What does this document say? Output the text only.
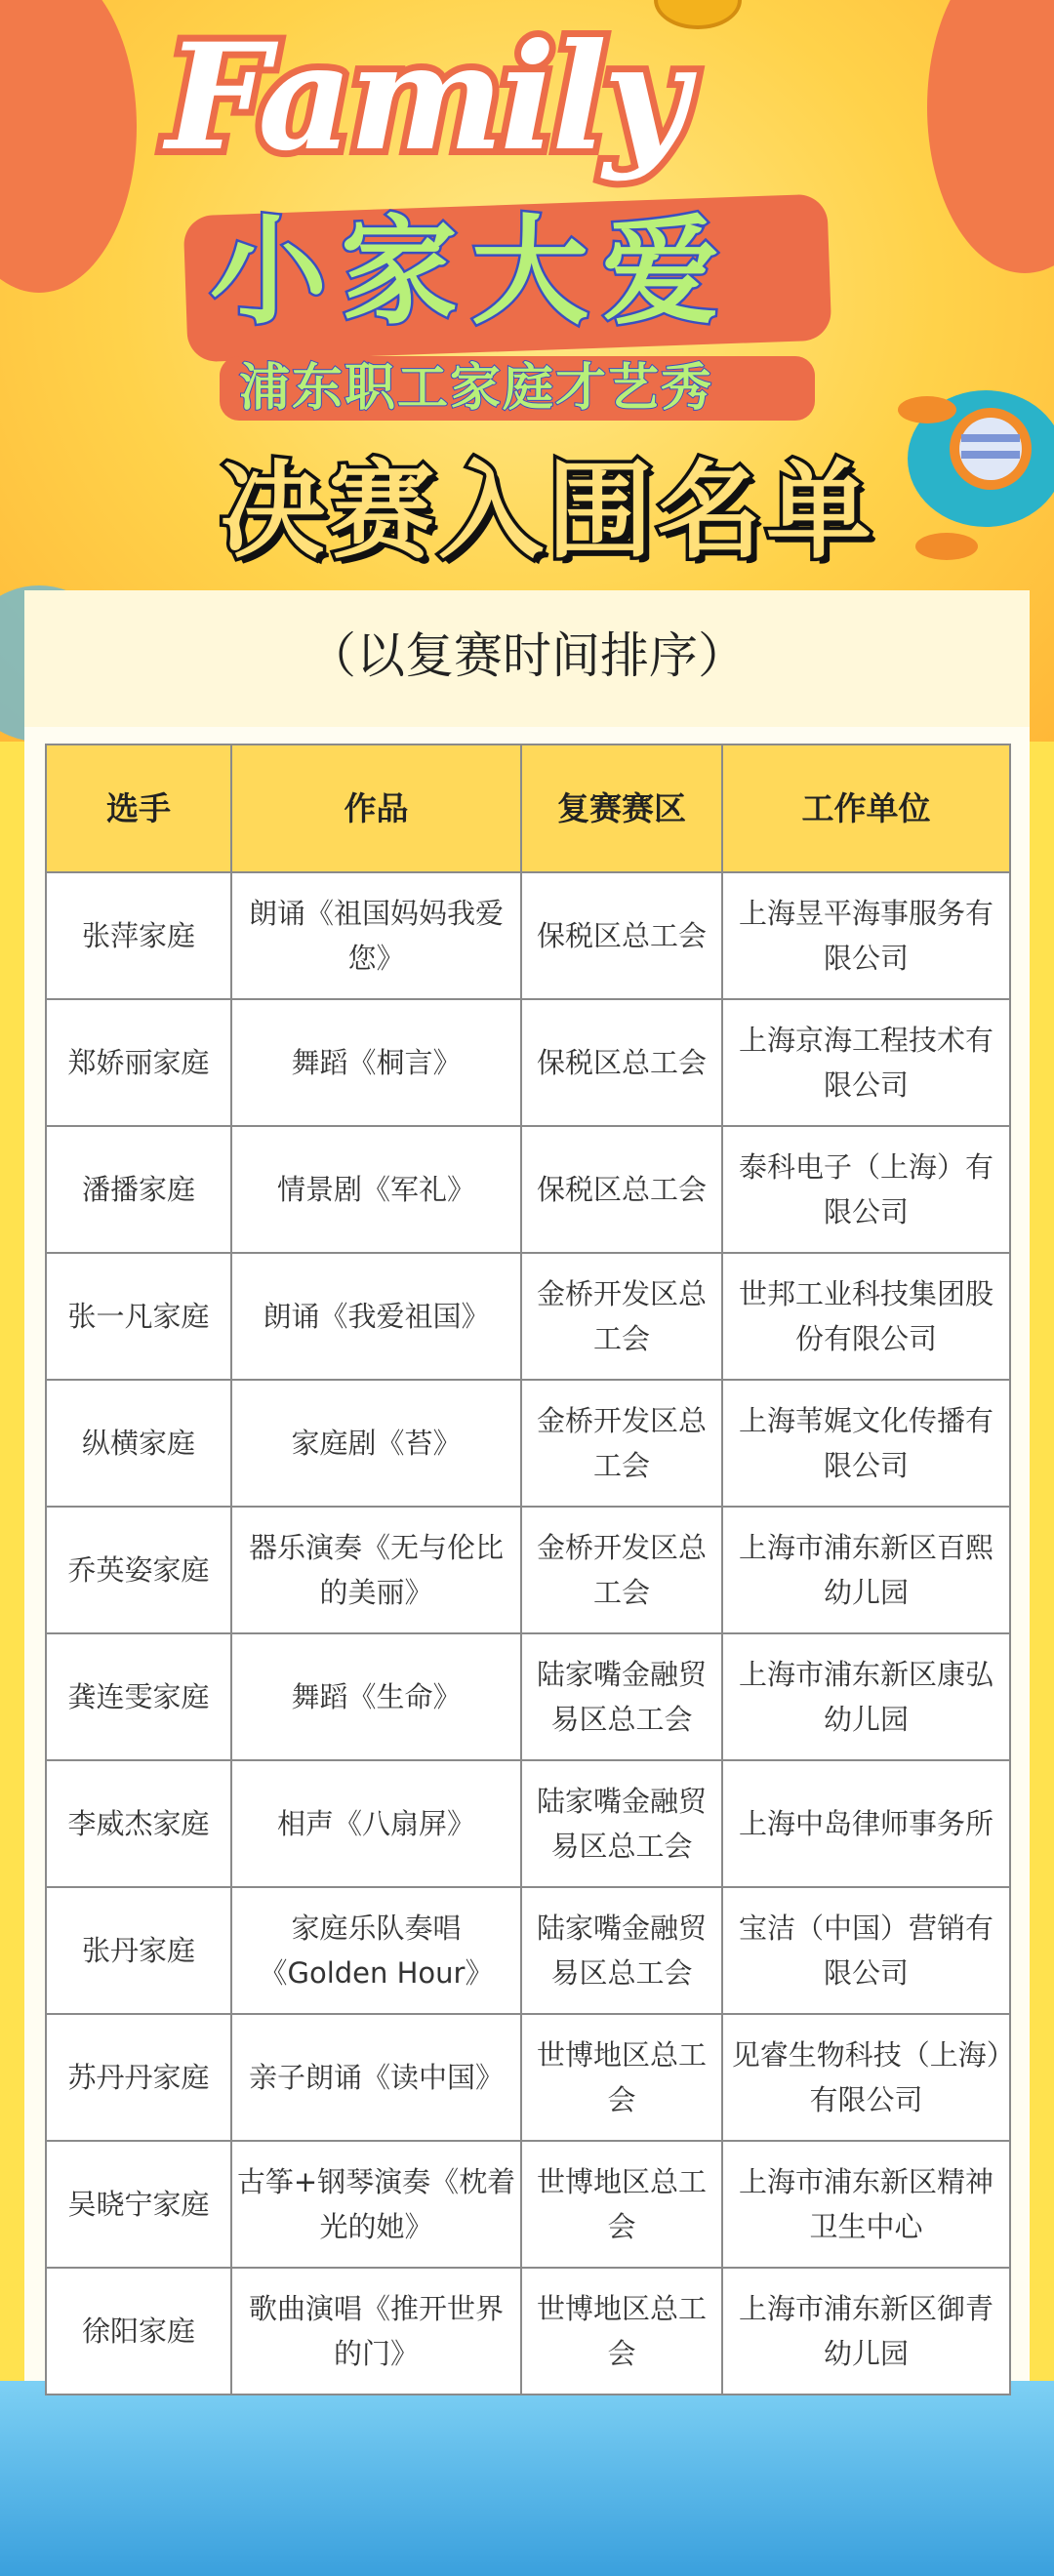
Family
小家大爱
浦东职工家庭才艺秀
决赛入围名单
（以复赛时间排序）
选手	作品	复赛赛区	工作单位
张萍家庭	朗诵《祖国妈妈我爱您》	保税区总工会	上海昱平海事服务有限公司
郑娇丽家庭	舞蹈《桐言》	保税区总工会	上海京海工程技术有限公司
潘播家庭	情景剧《军礼》	保税区总工会	泰科电子（上海）有限公司
张一凡家庭	朗诵《我爱祖国》	金桥开发区总工会	世邦工业科技集团股份有限公司
纵横家庭	家庭剧《苔》	金桥开发区总工会	上海苇娓文化传播有限公司
乔英姿家庭	器乐演奏《无与伦比的美丽》	金桥开发区总工会	上海市浦东新区百熙幼儿园
龚连雯家庭	舞蹈《生命》	陆家嘴金融贸易区总工会	上海市浦东新区康弘幼儿园
李威杰家庭	相声《八扇屏》	陆家嘴金融贸易区总工会	上海中岛律师事务所
张丹家庭	家庭乐队奏唱《Golden Hour》	陆家嘴金融贸易区总工会	宝洁（中国）营销有限公司
苏丹丹家庭	亲子朗诵《读中国》	世博地区总工会	见睿生物科技（上海）有限公司
吴晓宁家庭	古筝+钢琴演奏《枕着光的她》	世博地区总工会	上海市浦东新区精神卫生中心
徐阳家庭	歌曲演唱《推开世界的门》	世博地区总工会	上海市浦东新区御青幼儿园
